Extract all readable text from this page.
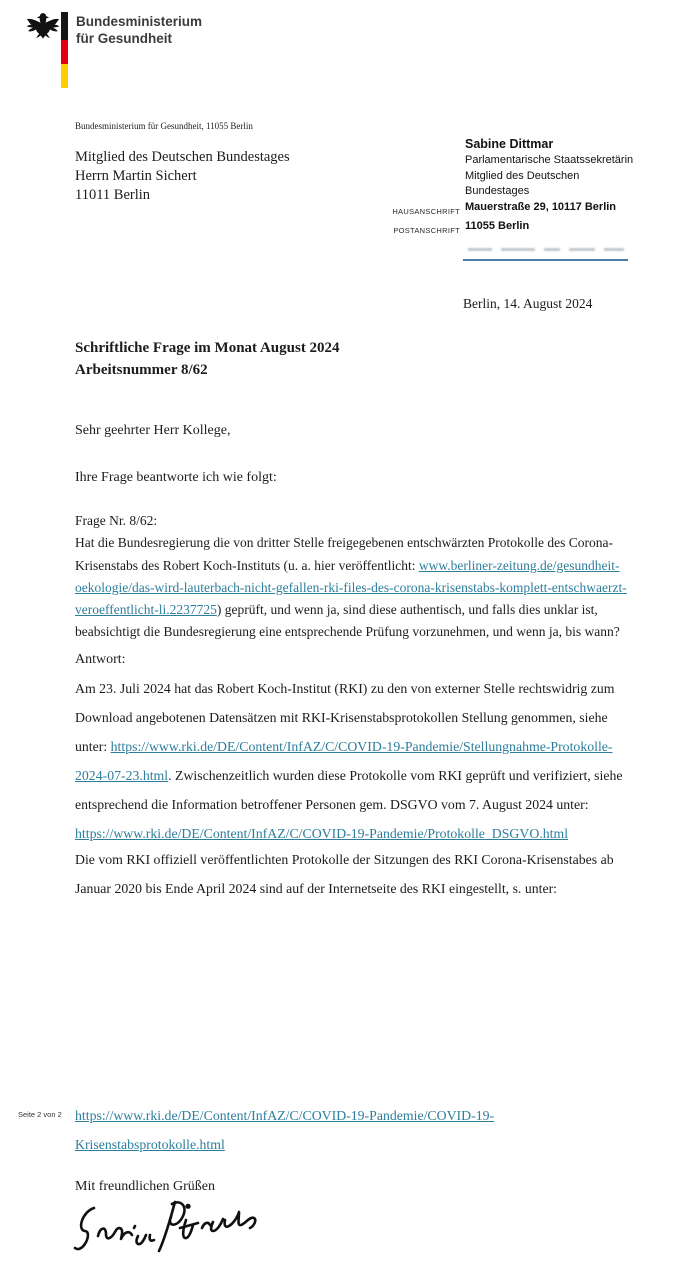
Bundesministerium
für Gesundheit
Bundesministerium für Gesundheit, 11055 Berlin
Mitglied des Deutschen Bundestages
Herrn Martin Sichert
11011 Berlin
Sabine Dittmar
Parlamentarische Staatssekretärin
Mitglied des Deutschen Bundestages
HAUSANSCHRIFT Mauerstraße 29, 10117 Berlin
POSTANSCHRIFT 11055 Berlin
Berlin, 14. August 2024
Schriftliche Frage im Monat August 2024
Arbeitsnummer 8/62
Sehr geehrter Herr Kollege,
Ihre Frage beantworte ich wie folgt:
Frage Nr. 8/62:
Hat die Bundesregierung die von dritter Stelle freigegebenen entschwärzten Protokolle des Corona-Krisenstabs des Robert Koch-Instituts (u. a. hier veröffentlicht: www.berliner-zeitung.de/gesundheit-oekologie/das-wird-lauterbach-nicht-gefallen-rki-files-des-corona-krisenstabs-komplett-entschwaerzt-veroeffentlicht-li.2237725) geprüft, und wenn ja, sind diese authentisch, und falls dies unklar ist, beabsichtigt die Bundesregierung eine entsprechende Prüfung vorzunehmen, und wenn ja, bis wann?
Antwort:
Am 23. Juli 2024 hat das Robert Koch-Institut (RKI) zu den von externer Stelle rechtswidrig zum Download angebotenen Datensätzen mit RKI-Krisenstabsprotokollen Stellung genommen, siehe unter: https://www.rki.de/DE/Content/InfAZ/C/COVID-19-Pandemie/Stellungnahme-Protokolle-2024-07-23.html. Zwischenzeitlich wurden diese Protokolle vom RKI geprüft und verifiziert, siehe entsprechend die Information betroffener Personen gem. DSGVO vom 7. August 2024 unter: https://www.rki.de/DE/Content/InfAZ/C/COVID-19-Pandemie/Protokolle_DSGVO.html
Die vom RKI offiziell veröffentlichten Protokolle der Sitzungen des RKI Corona-Krisenstabes ab Januar 2020 bis Ende April 2024 sind auf der Internetseite des RKI eingestellt, s. unter:
Seite 2 von 2 https://www.rki.de/DE/Content/InfAZ/C/COVID-19-Pandemie/COVID-19-Krisenstabsprotokolle.html
Mit freundlichen Grüßen
